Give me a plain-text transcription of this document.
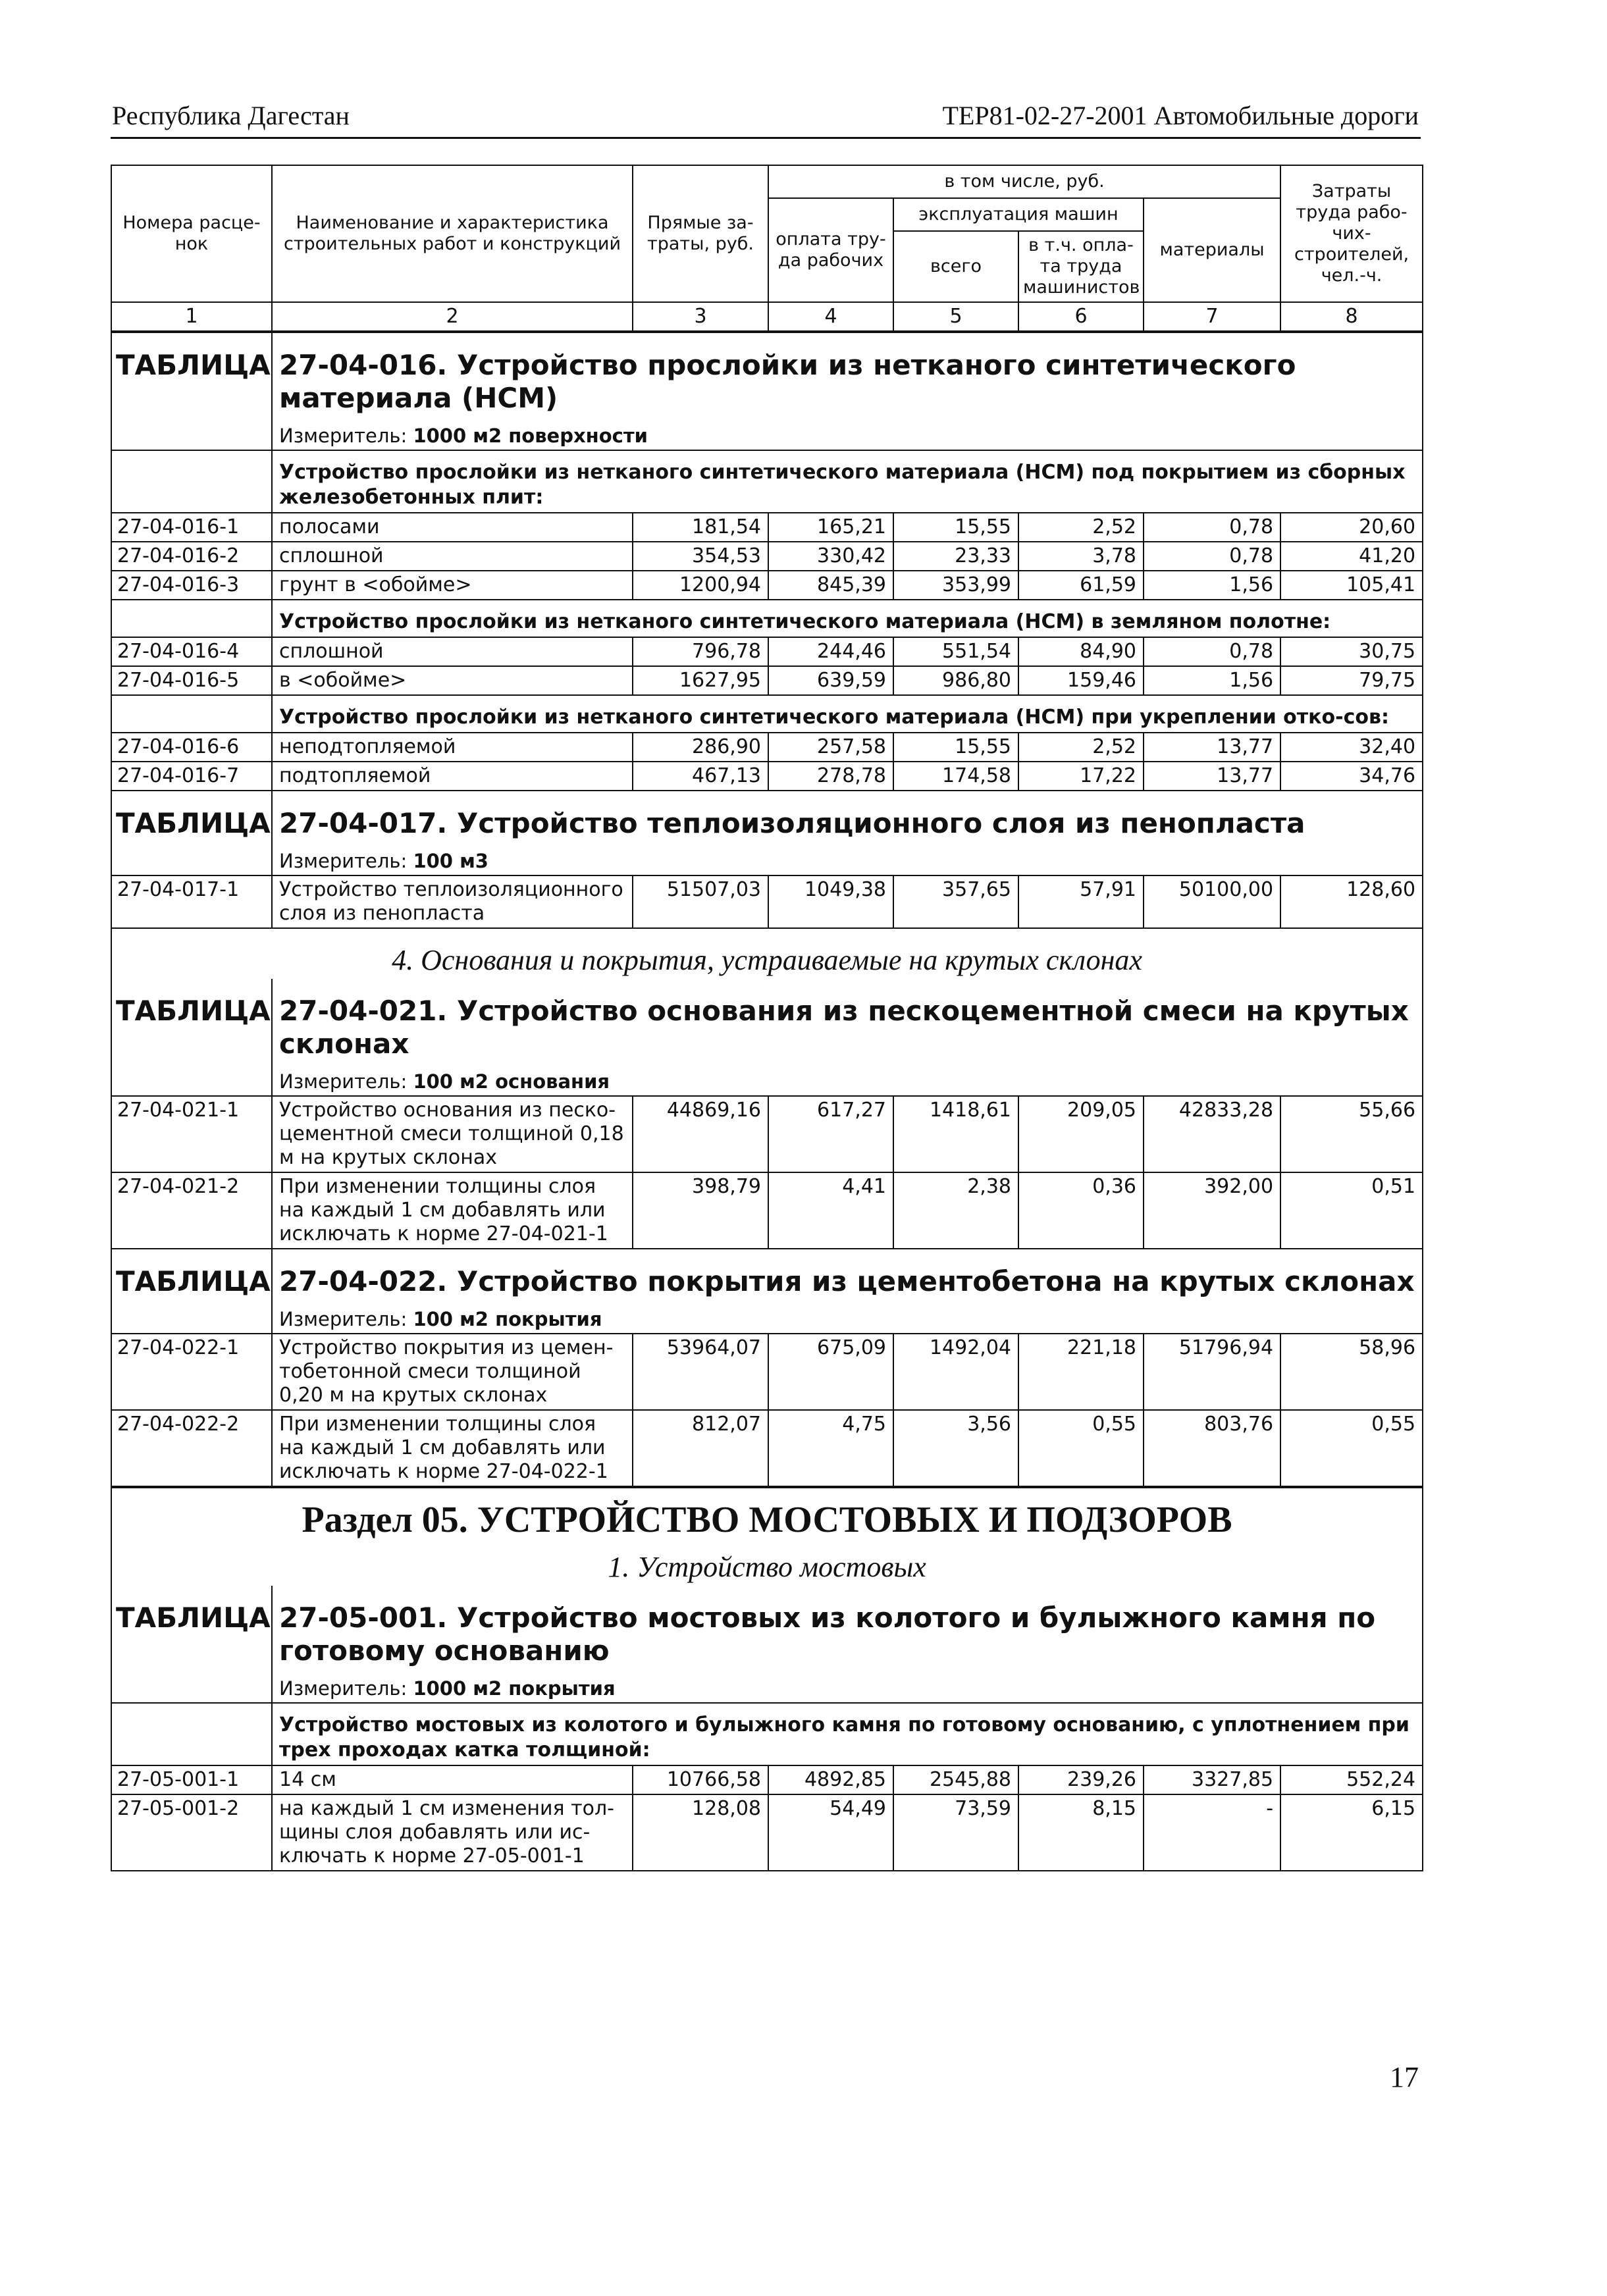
Республика Дагестан	ТЕР81-02-27-2001 Автомобильные дороги
Номера расце-нок	Наименование и характеристика строительных работ и конструкций	Прямые за-траты, руб.	в том числе, руб.				Затраты труда рабо-чих-строителей, чел.-ч.
			оплата тру-да рабочих	эксплуатация машин		материалы	
				всего	в т.ч. опла-та труда машинистов		
1	2	3	4	5	6	7	8
ТАБЛИЦА	27-04-016. Устройство прослойки из нетканого синтетического материала (НСМ)						
	Измеритель: 1000 м2 поверхности						
	Устройство прослойки из нетканого синтетического материала (НСМ) под покрытием из сборных железобетонных плит:						
27-04-016-1	полосами	181,54	165,21	15,55	2,52	0,78	20,60
27-04-016-2	сплошной	354,53	330,42	23,33	3,78	0,78	41,20
27-04-016-3	грунт в <обойме>	1200,94	845,39	353,99	61,59	1,56	105,41
	Устройство прослойки из нетканого синтетического материала (НСМ) в земляном полотне:						
27-04-016-4	сплошной	796,78	244,46	551,54	84,90	0,78	30,75
27-04-016-5	в <обойме>	1627,95	639,59	986,80	159,46	1,56	79,75
	Устройство прослойки из нетканого синтетического материала (НСМ) при укреплении отко-сов:						
27-04-016-6	неподтопляемой	286,90	257,58	15,55	2,52	13,77	32,40
27-04-016-7	подтопляемой	467,13	278,78	174,58	17,22	13,77	34,76
ТАБЛИЦА	27-04-017. Устройство теплоизоляционного слоя из пенопласта						
	Измеритель: 100 м3						
27-04-017-1	Устройство теплоизоляционного слоя из пенопласта	51507,03	1049,38	357,65	57,91	50100,00	128,60
4. Основания и покрытия, устраиваемые на крутых склонах							
ТАБЛИЦА	27-04-021. Устройство основания из пескоцементной смеси на крутых склонах						
	Измеритель: 100 м2 основания						
27-04-021-1	Устройство основания из песко-цементной смеси толщиной 0,18 м на крутых склонах	44869,16	617,27	1418,61	209,05	42833,28	55,66
27-04-021-2	При изменении толщины слоя на каждый 1 см добавлять или исключать к норме 27-04-021-1	398,79	4,41	2,38	0,36	392,00	0,51
ТАБЛИЦА	27-04-022. Устройство покрытия из цементобетона на крутых склонах						
	Измеритель: 100 м2 покрытия						
27-04-022-1	Устройство покрытия из цемен-тобетонной смеси толщиной 0,20 м на крутых склонах	53964,07	675,09	1492,04	221,18	51796,94	58,96
27-04-022-2	При изменении толщины слоя на каждый 1 см добавлять или исключать к норме 27-04-022-1	812,07	4,75	3,56	0,55	803,76	0,55
Раздел 05. УСТРОЙСТВО МОСТОВЫХ И ПОДЗОРОВ							
1. Устройство мостовых							
ТАБЛИЦА	27-05-001. Устройство мостовых из колотого и булыжного камня по готовому основанию						
	Измеритель: 1000 м2 покрытия						
	Устройство мостовых из колотого и булыжного камня по готовому основанию, с уплотнением при трех проходах катка толщиной:						
27-05-001-1	14 см	10766,58	4892,85	2545,88	239,26	3327,85	552,24
27-05-001-2	на каждый 1 см изменения тол-щины слоя добавлять или ис-ключать к норме 27-05-001-1	128,08	54,49	73,59	8,15	-	6,15
17
